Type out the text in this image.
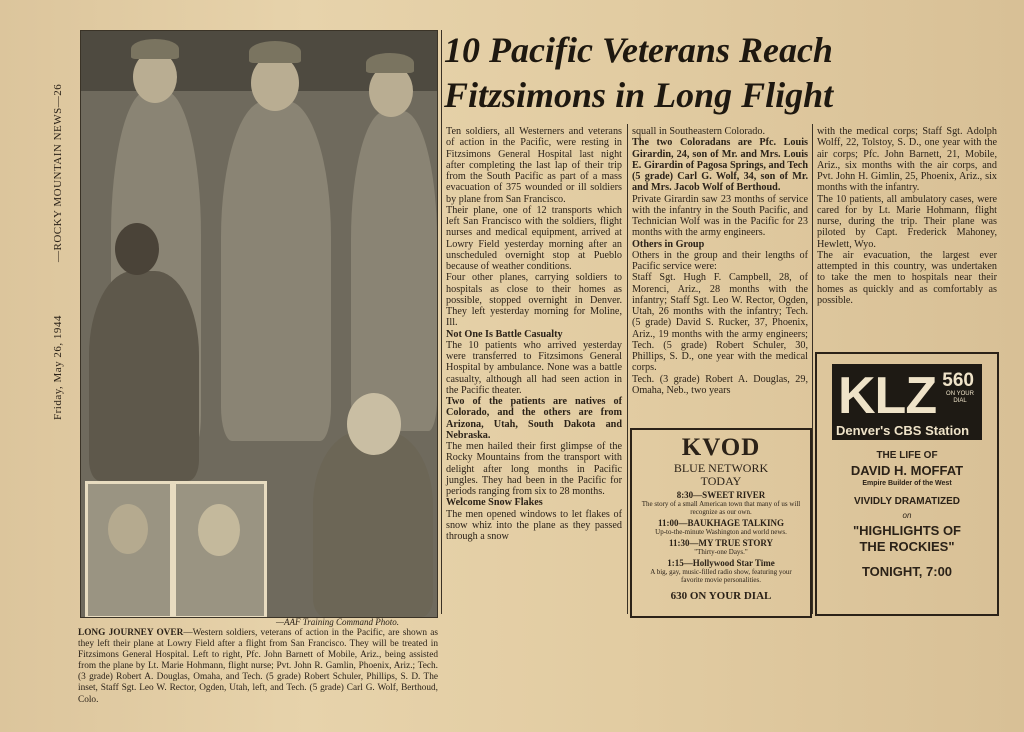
—ROCKY MOUNTAIN NEWS—26
Friday, May 26, 1944
—AAF Training Command Photo.
LONG JOURNEY OVER—Western soldiers, veterans of action in the Pacific, are shown as they left their plane at Lowry Field after a flight from San Francisco. They will be treated in Fitzsimons General Hospital. Left to right, Pfc. John Barnett of Mobile, Ariz., being assisted from the plane by Lt. Marie Hohmann, flight nurse; Pvt. John R. Gamlin, Phoenix, Ariz.; Tech. (3 grade) Robert A. Douglas, Omaha, and Tech. (5 grade) Robert Schuler, Phillips, S. D. The inset, Staff Sgt. Leo W. Rector, Ogden, Utah, left, and Tech. (5 grade) Carl G. Wolf, Berthoud, Colo.
10 Pacific Veterans Reach
Fitzsimons in Long Flight
Ten soldiers, all Westerners and veterans of action in the Pacific, were resting in Fitzsimons General Hospital last night after completing the last lap of their trip from the South Pacific as part of a mass evacuation of 375 wounded or ill soldiers by plane from San Francisco.
Their plane, one of 12 transports which left San Francisco with the soldiers, flight nurses and medical equipment, arrived at Lowry Field yesterday morning after an unscheduled overnight stop at Pueblo because of weather conditions.
Four other planes, carrying soldiers to hospitals as close to their homes as possible, stopped overnight in Denver. They left yesterday morning for Moline, Ill.
Not One Is Battle Casualty
The 10 patients who arrived yesterday were transferred to Fitzsimons General Hospital by ambulance. None was a battle casualty, although all had seen action in the Pacific theater.
Two of the patients are natives of Colorado, and the others are from Arizona, Utah, South Dakota and Nebraska.
The men hailed their first glimpse of the Rocky Mountains from the transport with delight after long months in Pacific jungles. They had been in the Pacific for periods ranging from six to 28 months.
Welcome Snow Flakes
The men opened windows to let flakes of snow whiz into the plane as they passed through a snow
squall in Southeastern Colorado.
The two Coloradans are Pfc. Louis Girardin, 24, son of Mr. and Mrs. Louis E. Girardin of Pagosa Springs, and Tech (5 grade) Carl G. Wolf, 34, son of Mr. and Mrs. Jacob Wolf of Berthoud.
Private Girardin saw 23 months of service with the infantry in the South Pacific, and Technician Wolf was in the Pacific for 23 months with the army engineers.
Others in Group
Others in the group and their lengths of Pacific service were:
Staff Sgt. Hugh F. Campbell, 28, of Morenci, Ariz., 28 months with the infantry; Staff Sgt. Leo W. Rector, Ogden, Utah, 26 months with the infantry; Tech. (5 grade) David S. Rucker, 37, Phoenix, Ariz., 19 months with the army engineers; Tech. (5 grade) Robert Schuler, 30, Phillips, S. D., one year with the medical corps.
Tech. (3 grade) Robert A. Douglas, 29, Omaha, Neb., two years
with the medical corps; Staff Sgt. Adolph Wolff, 22, Tolstoy, S. D., one year with the air corps; Pfc. John Barnett, 21, Mobile, Ariz., six months with the air corps, and Pvt. John H. Gimlin, 25, Phoenix, Ariz., six months with the infantry.
The 10 patients, all ambulatory cases, were cared for by Lt. Marie Hohmann, flight nurse, during the trip. Their plane was piloted by Capt. Frederick Mahoney, Hewlett, Wyo.
The air evacuation, the largest ever attempted in this country, was undertaken to take the men to hospitals near their homes as quickly and as comfortably as possible.
KVOD
BLUE NETWORK
TODAY
8:30—SWEET RIVER
The story of a small American town that many of us will recognize as our own.
11:00—BAUKHAGE TALKING
Up-to-the-minute Washington and world news.
11:30—MY TRUE STORY
"Thirty-one Days."
1:15—Hollywood Star Time
A big, gay, music-filled radio show, featuring your favorite movie personalities.
630 ON YOUR DIAL
KLZ 560
ON YOUR DIAL
Denver's CBS Station
THE LIFE OF
DAVID H. MOFFAT
Empire Builder of the West
VIVIDLY DRAMATIZED
on
"HIGHLIGHTS OF
THE ROCKIES"
TONIGHT, 7:00
